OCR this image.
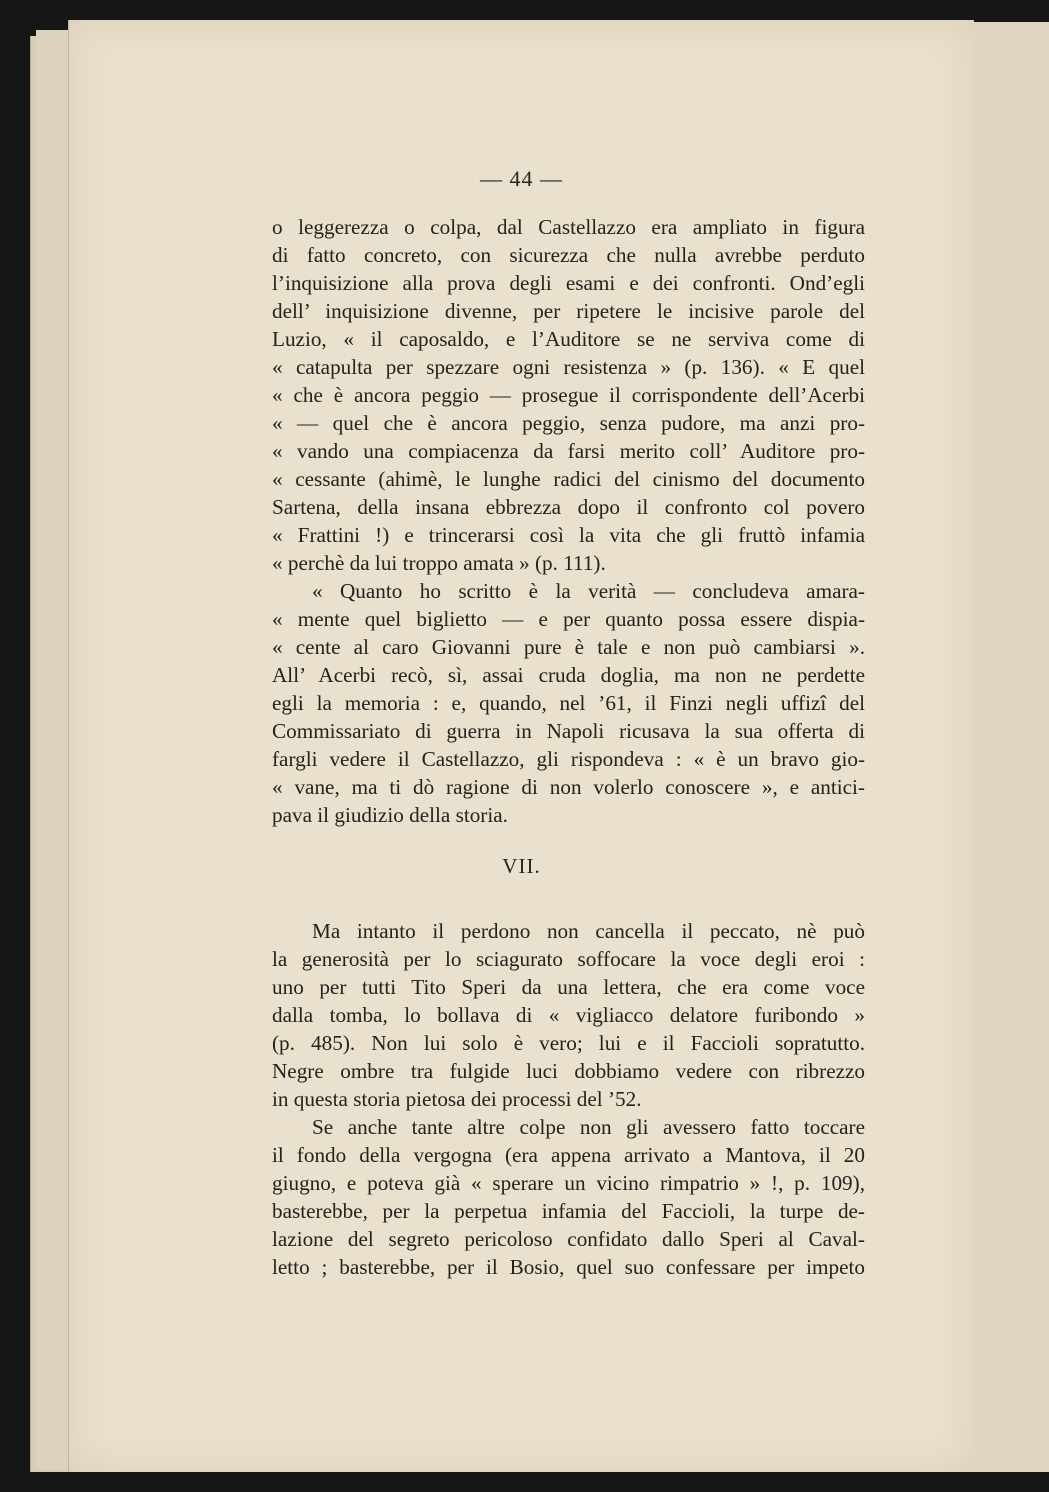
— 44 —
o leggerezza o colpa, dal Castellazzo era ampliato in figura
di fatto concreto, con sicurezza che nulla avrebbe perduto
l’inquisizione alla prova degli esami e dei confronti. Ond’egli
dell’ inquisizione divenne, per ripetere le incisive parole del
Luzio, « il caposaldo, e l’Auditore se ne serviva come di
« catapulta per spezzare ogni resistenza » (p. 136). « E quel
« che è ancora peggio — prosegue il corrispondente dell’Acerbi
« — quel che è ancora peggio, senza pudore, ma anzi pro-
« vando una compiacenza da farsi merito coll’ Auditore pro-
« cessante (ahimè, le lunghe radici del cinismo del documento
Sartena, della insana ebbrezza dopo il confronto col povero
« Frattini !) e trincerarsi così la vita che gli fruttò infamia
« perchè da lui troppo amata » (p. 111).
« Quanto ho scritto è la verità — concludeva amara-
« mente quel biglietto — e per quanto possa essere dispia-
« cente al caro Giovanni pure è tale e non può cambiarsi ».
All’ Acerbi recò, sì, assai cruda doglia, ma non ne perdette
egli la memoria : e, quando, nel ’61, il Finzi negli uffizî del
Commissariato di guerra in Napoli ricusava la sua offerta di
fargli vedere il Castellazzo, gli rispondeva : « è un bravo gio-
« vane, ma ti dò ragione di non volerlo conoscere », e antici-
pava il giudizio della storia.
VII.
Ma intanto il perdono non cancella il peccato, nè può
la generosità per lo sciagurato soffocare la voce degli eroi :
uno per tutti Tito Speri da una lettera, che era come voce
dalla tomba, lo bollava di « vigliacco delatore furibondo »
(p. 485). Non lui solo è vero; lui e il Faccioli sopratutto.
Negre ombre tra fulgide luci dobbiamo vedere con ribrezzo
in questa storia pietosa dei processi del ’52.
Se anche tante altre colpe non gli avessero fatto toccare
il fondo della vergogna (era appena arrivato a Mantova, il 20
giugno, e poteva già « sperare un vicino rimpatrio » !, p. 109),
basterebbe, per la perpetua infamia del Faccioli, la turpe de-
lazione del segreto pericoloso confidato dallo Speri al Caval-
letto ; basterebbe, per il Bosio, quel suo confessare per impeto
